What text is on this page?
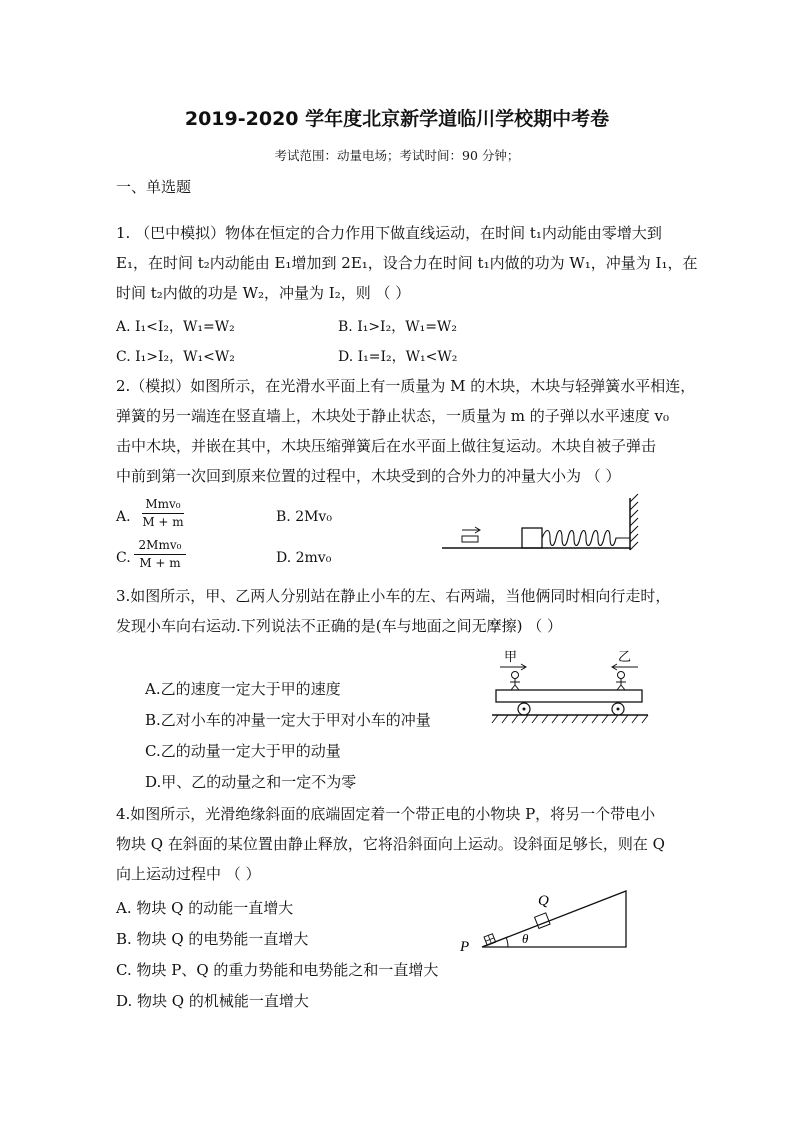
2019-2020 学年度北京新学道临川学校期中考卷
考试范围：动量电场；考试时间：90 分钟；
一、单选题
1. （巴中模拟）物体在恒定的合力作用下做直线运动，在时间 t₁内动能由零增大到
E₁，在时间 t₂内动能由 E₁增加到 2E₁，设合力在时间 t₁内做的功为 W₁，冲量为 I₁，在
时间 t₂内做的功是 W₂，冲量为 I₂，则 （ ）
A. I₁<I₂，W₁=W₂	B. I₁>I₂，W₁=W₂
C. I₁>I₂，W₁<W₂	D. I₁=I₂，W₁<W₂
2.（模拟）如图所示，在光滑水平面上有一质量为 M 的木块，木块与轻弹簧水平相连，
弹簧的另一端连在竖直墙上，木块处于静止状态，一质量为 m 的子弹以水平速度 v₀
击中木块，并嵌在其中，木块压缩弹簧后在水平面上做往复运动。木块自被子弹击
中前到第一次回到原来位置的过程中，木块受到的合外力的冲量大小为 （ ）
A.
Mmv₀
M + m	B. 2Mv₀
C.
2Mmv₀
M + m	D. 2mv₀
3.如图所示，甲、乙两人分别站在静止小车的左、右两端，当他俩同时相向行走时，
发现小车向右运动.下列说法不正确的是(车与地面之间无摩擦) （ ）
A.乙的速度一定大于甲的速度
B.乙对小车的冲量一定大于甲对小车的冲量
C.乙的动量一定大于甲的动量
D.甲、乙的动量之和一定不为零
甲	乙
4.如图所示，光滑绝缘斜面的底端固定着一个带正电的小物块 P，将另一个带电小
物块 Q 在斜面的某位置由静止释放，它将沿斜面向上运动。设斜面足够长，则在 Q
向上运动过程中 （ ）
A. 物块 Q 的动能一直增大
B. 物块 Q 的电势能一直增大
C. 物块 P、Q 的重力势能和电势能之和一直增大
D. 物块 Q 的机械能一直增大
P
Q
θ
